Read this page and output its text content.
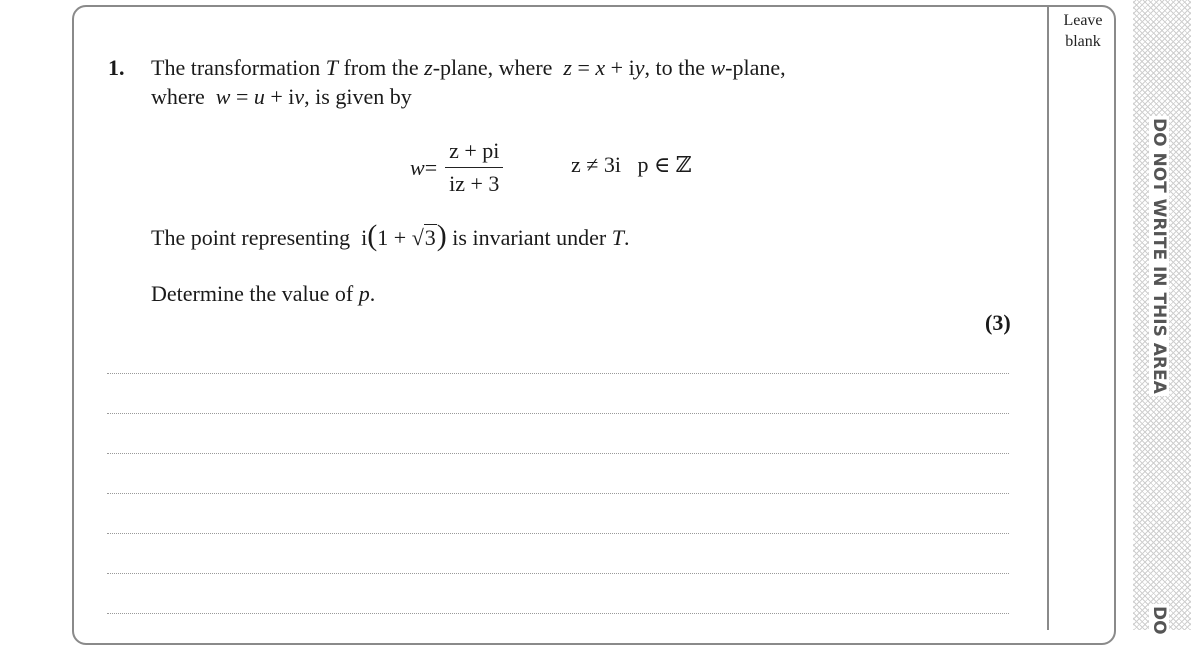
Leave
blank
DO NOT WRITE IN THIS AREA
DO
1. The transformation T from the z-plane, where z = x + iy, to the w-plane,
where w = u + iv, is given by
$w = \frac{z + pi}{iz + 3}$	z ≠ 3i p ∈ ℤ
The point representing i(1 + √ 3 ) is invariant under T.
Determine the value of p.
(3)
